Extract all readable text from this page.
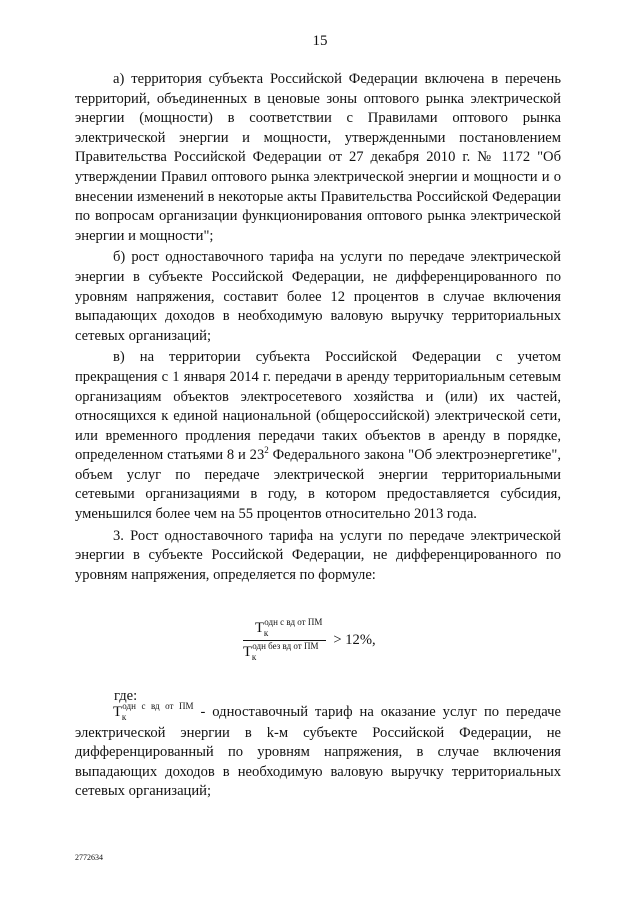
15

а) территория субъекта Российской Федерации включена в перечень территорий, объединенных в ценовые зоны оптового рынка электрической энергии (мощности) в соответствии с Правилами оптового рынка электрической энергии и мощности, утвержденными постановлением Правительства Российской Федерации от 27 декабря 2010 г. № 1172 "Об утверждении Правил оптового рынка электрической энергии и мощности и о внесении изменений в некоторые акты Правительства Российской Федерации по вопросам организации функционирования оптового рынка электрической энергии и мощности";

б) рост одноставочного тарифа на услуги по передаче электрической энергии в субъекте Российской Федерации, не дифференцированного по уровням напряжения, составит более 12 процентов в случае включения выпадающих доходов в необходимую валовую выручку территориальных сетевых организаций;

в) на территории субъекта Российской Федерации с учетом прекращения с 1 января 2014 г. передачи в аренду территориальным сетевым организациям объектов электросетевого хозяйства и (или) их частей, относящихся к единой национальной (общероссийской) электрической сети, или временного продления передачи таких объектов в аренду в порядке, определенном статьями 8 и $23^2$ Федерального закона "Об электроэнергетике", объем услуг по передаче электрической энергии территориальными сетевыми организациями в году, в котором предоставляется субсидия, уменьшился более чем на 55 процентов относительно 2013 года.

3. Рост одноставочного тарифа на услуги по передаче электрической энергии в субъекте Российской Федерации, не дифференцированного по уровням напряжения, определяется по формуле:

$\frac{Т_к^{одн с вд от ПМ}}{Т_к^{одн без вд от ПМ}} > 12\%$,
где:
$Т_к^{одн с вд от ПМ}$ - одноставочный тариф на оказание услуг по передаче электрической энергии в k-м субъекте Российской Федерации, не дифференцированный по уровням напряжения, в случае включения выпадающих доходов в необходимую валовую выручку территориальных сетевых организаций;
2772634
